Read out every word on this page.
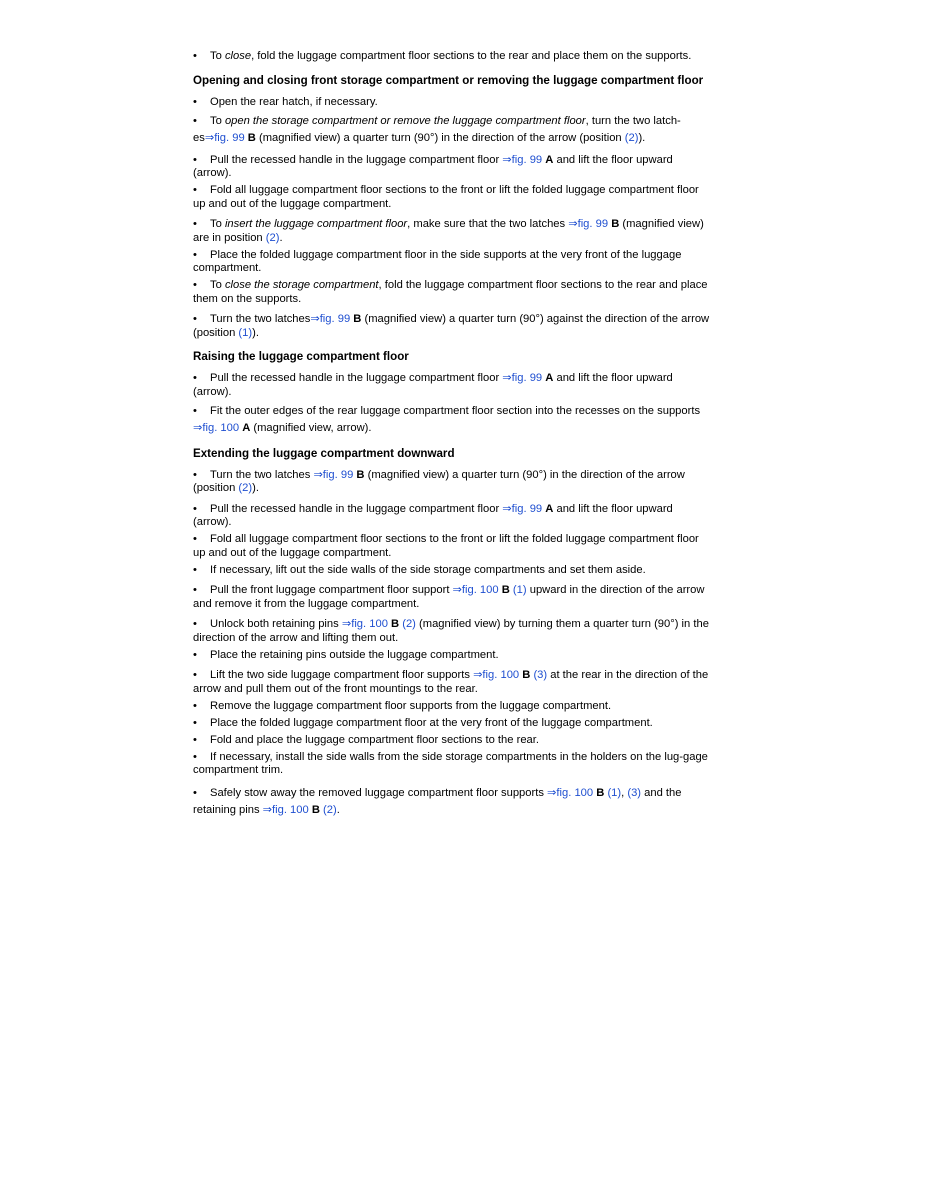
• To close, fold the luggage compartment floor sections to the rear and place them on the supports.
Opening and closing front storage compartment or removing the luggage compartment floor
• Open the rear hatch, if necessary.
• To open the storage compartment or remove the luggage compartment floor, turn the two latch-es⇒fig. 99 B (magnified view) a quarter turn (90°) in the direction of the arrow (position (2)).
• Pull the recessed handle in the luggage compartment floor ⇒fig. 99 A and lift the floor upward (arrow).
• Fold all luggage compartment floor sections to the front or lift the folded luggage compartment floor up and out of the luggage compartment.
• To insert the luggage compartment floor, make sure that the two latches ⇒fig. 99 B (magnified view) are in position (2).
• Place the folded luggage compartment floor in the side supports at the very front of the luggage compartment.
• To close the storage compartment, fold the luggage compartment floor sections to the rear and place them on the supports.
• Turn the two latches⇒fig. 99 B (magnified view) a quarter turn (90°) against the direction of the arrow (position (1)).
Raising the luggage compartment floor
• Pull the recessed handle in the luggage compartment floor ⇒fig. 99 A and lift the floor upward (arrow).
• Fit the outer edges of the rear luggage compartment floor section into the recesses on the supports ⇒fig. 100 A (magnified view, arrow).
Extending the luggage compartment downward
• Turn the two latches ⇒fig. 99 B (magnified view) a quarter turn (90°) in the direction of the arrow (position (2)).
• Pull the recessed handle in the luggage compartment floor ⇒fig. 99 A and lift the floor upward (arrow).
• Fold all luggage compartment floor sections to the front or lift the folded luggage compartment floor up and out of the luggage compartment.
• If necessary, lift out the side walls of the side storage compartments and set them aside.
• Pull the front luggage compartment floor support ⇒fig. 100 B (1) upward in the direction of the arrow and remove it from the luggage compartment.
• Unlock both retaining pins ⇒fig. 100 B (2) (magnified view) by turning them a quarter turn (90°) in the direction of the arrow and lifting them out.
• Place the retaining pins outside the luggage compartment.
• Lift the two side luggage compartment floor supports ⇒fig. 100 B (3) at the rear in the direction of the arrow and pull them out of the front mountings to the rear.
• Remove the luggage compartment floor supports from the luggage compartment.
• Place the folded luggage compartment floor at the very front of the luggage compartment.
• Fold and place the luggage compartment floor sections to the rear.
• If necessary, install the side walls from the side storage compartments in the holders on the lug-gage compartment trim.
• Safely stow away the removed luggage compartment floor supports ⇒fig. 100 B (1), (3) and the retaining pins ⇒fig. 100 B (2).
